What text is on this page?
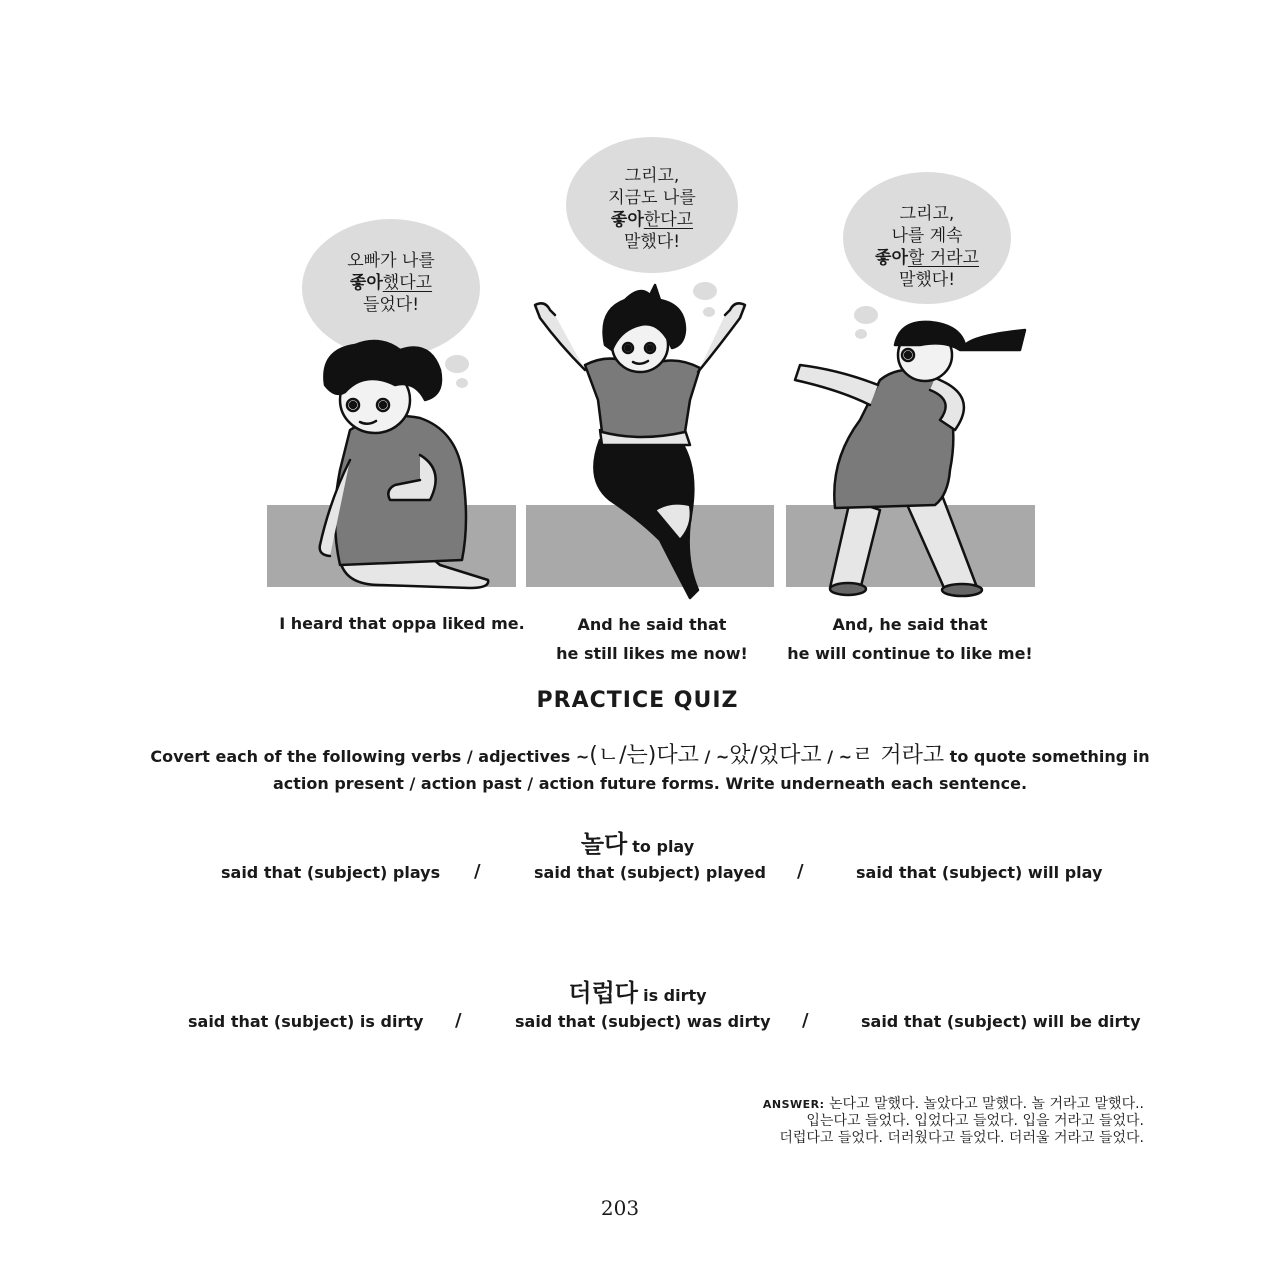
오빠가 나를
좋아했다고
들었다!
그리고,
지금도 나를
좋아한다고
말했다!
그리고,
나를 계속
좋아할 거라고
말했다!
I heard that oppa liked me.	And he said that
he still likes me now!
And, he said that
he will continue to like me!
PRACTICE QUIZ
Covert each of the following verbs / adjectives ~(ㄴ/는)다고 / ~았/었다고 / ~ㄹ 거라고 to quote something in
action present / action past / action future forms. Write underneath each sentence.
놀다 to play
said that (subject) plays /	said that (subject) played /	said that (subject) will play
더럽다 is dirty
said that (subject) is dirty /	said that (subject) was dirty /	said that (subject) will be dirty
ANSWER: 논다고 말했다. 놀았다고 말했다. 놀 거라고 말했다..
입는다고 들었다. 입었다고 들었다. 입을 거라고 들었다.
더럽다고 들었다. 더러웠다고 들었다. 더러울 거라고 들었다.
203
